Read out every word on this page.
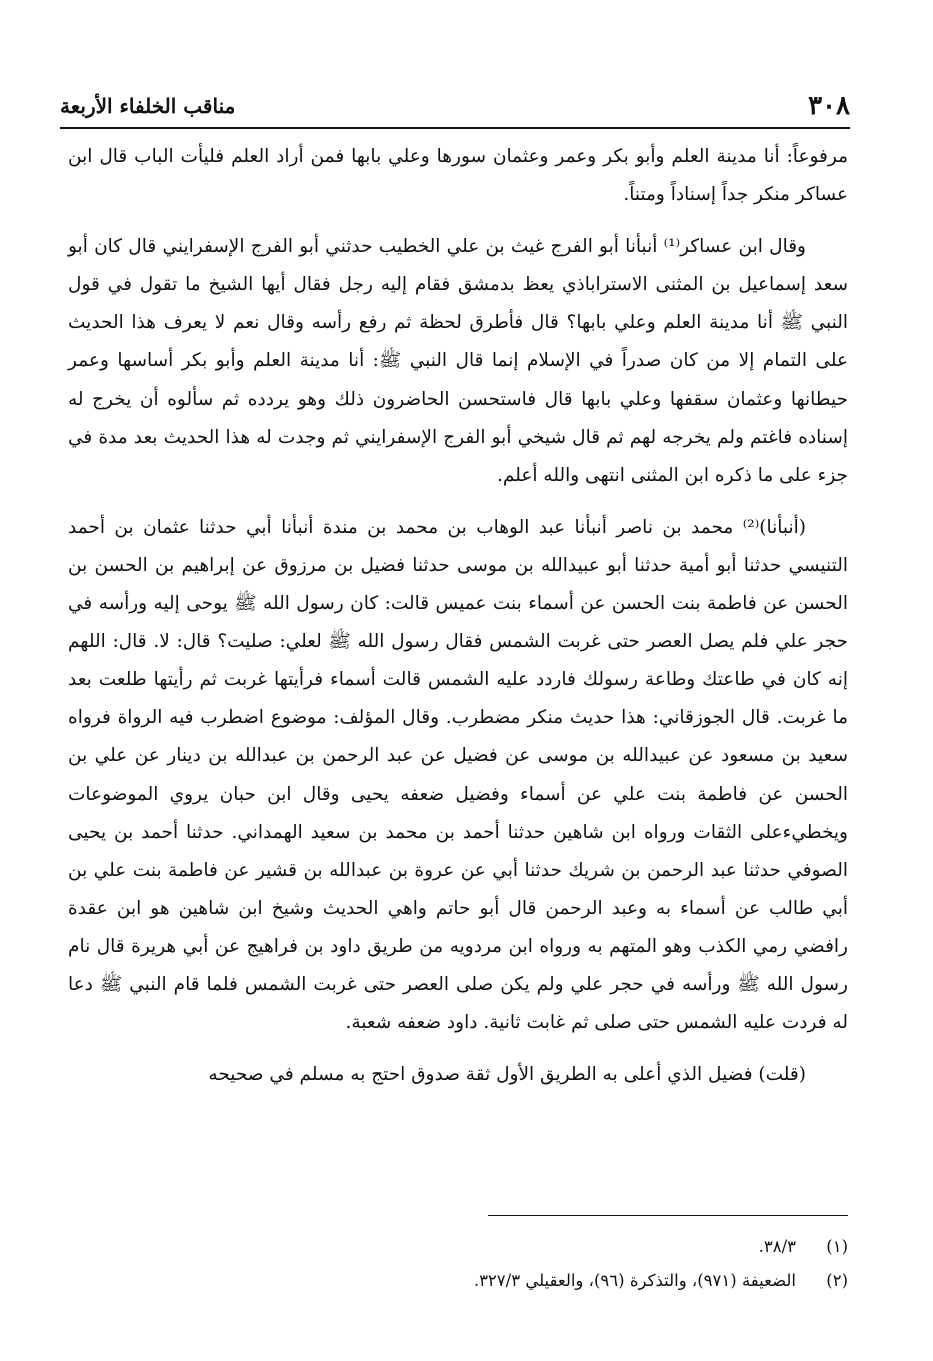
٣٠٨
مناقب الخلفاء الأربعة

مرفوعاً: أنا مدينة العلم وأبو بكر وعمر وعثمان سورها وعلي بابها فمن أراد العلم فليأت الباب قال ابن عساكر منكر جداً إسناداً ومتناً.

وقال ابن عساكر⁽¹⁾ أنبأنا أبو الفرج غيث بن علي الخطيب حدثني أبو الفرج الإسفرايني قال كان أبو سعد إسماعيل بن المثنى الاستراباذي يعظ بدمشق فقام إليه رجل فقال أيها الشيخ ما تقول في قول النبي ﷺ أنا مدينة العلم وعلي بابها؟ قال فأطرق لحظة ثم رفع رأسه وقال نعم لا يعرف هذا الحديث على التمام إلا من كان صدراً في الإسلام إنما قال النبي ﷺ: أنا مدينة العلم وأبو بكر أساسها وعمر حيطانها وعثمان سقفها وعلي بابها قال فاستحسن الحاضرون ذلك وهو يردده ثم سألوه أن يخرج له إسناده فاغتم ولم يخرجه لهم ثم قال شيخي أبو الفرج الإسفرايني ثم وجدت له هذا الحديث بعد مدة في جزء على ما ذكره ابن المثنى انتهى والله أعلم.

(أنبأنا)⁽²⁾ محمد بن ناصر أنبأنا عبد الوهاب بن محمد بن مندة أنبأنا أبي حدثنا عثمان بن أحمد التنيسي حدثنا أبو أمية حدثنا أبو عبيدالله بن موسى حدثنا فضيل بن مرزوق عن إبراهيم بن الحسن بن الحسن عن فاطمة بنت الحسن عن أسماء بنت عميس قالت: كان رسول الله ﷺ يوحى إليه ورأسه في حجر علي فلم يصل العصر حتى غربت الشمس فقال رسول الله ﷺ لعلي: صليت؟ قال: لا. قال: اللهم إنه كان في طاعتك وطاعة رسولك فاردد عليه الشمس قالت أسماء فرأيتها غربت ثم رأيتها طلعت بعد ما غربت. قال الجوزقاني: هذا حديث منكر مضطرب. وقال المؤلف: موضوع اضطرب فيه الرواة فرواه سعيد بن مسعود عن عبيدالله بن موسى عن فضيل عن عبد الرحمن بن عبدالله بن دينار عن علي بن الحسن عن فاطمة بنت علي عن أسماء وفضيل ضعفه يحيى وقال ابن حبان يروي الموضوعات ويخطيءعلى الثقات ورواه ابن شاهين حدثنا أحمد بن محمد بن سعيد الهمداني. حدثنا أحمد بن يحيى الصوفي حدثنا عبد الرحمن بن شريك حدثنا أبي عن عروة بن عبدالله بن قشير عن فاطمة بنت علي بن أبي طالب عن أسماء به وعبد الرحمن قال أبو حاتم واهي الحديث وشيخ ابن شاهين هو ابن عقدة رافضي رمي الكذب وهو المتهم به ورواه ابن مردويه من طريق داود بن فراهيج عن أبي هريرة قال نام رسول الله ﷺ ورأسه في حجر علي ولم يكن صلى العصر حتى غربت الشمس فلما قام النبي ﷺ دعا له فردت عليه الشمس حتى صلى ثم غابت ثانية. داود ضعفه شعبة.

(قلت) فضيل الذي أعلى به الطريق الأول ثقة صدوق احتج به مسلم في صحيحه

(١)
٣٨/٣.
(٢)
الضعيفة (٩٧١)، والتذكرة (٩٦)، والعقيلي ٣٢٧/٣.
